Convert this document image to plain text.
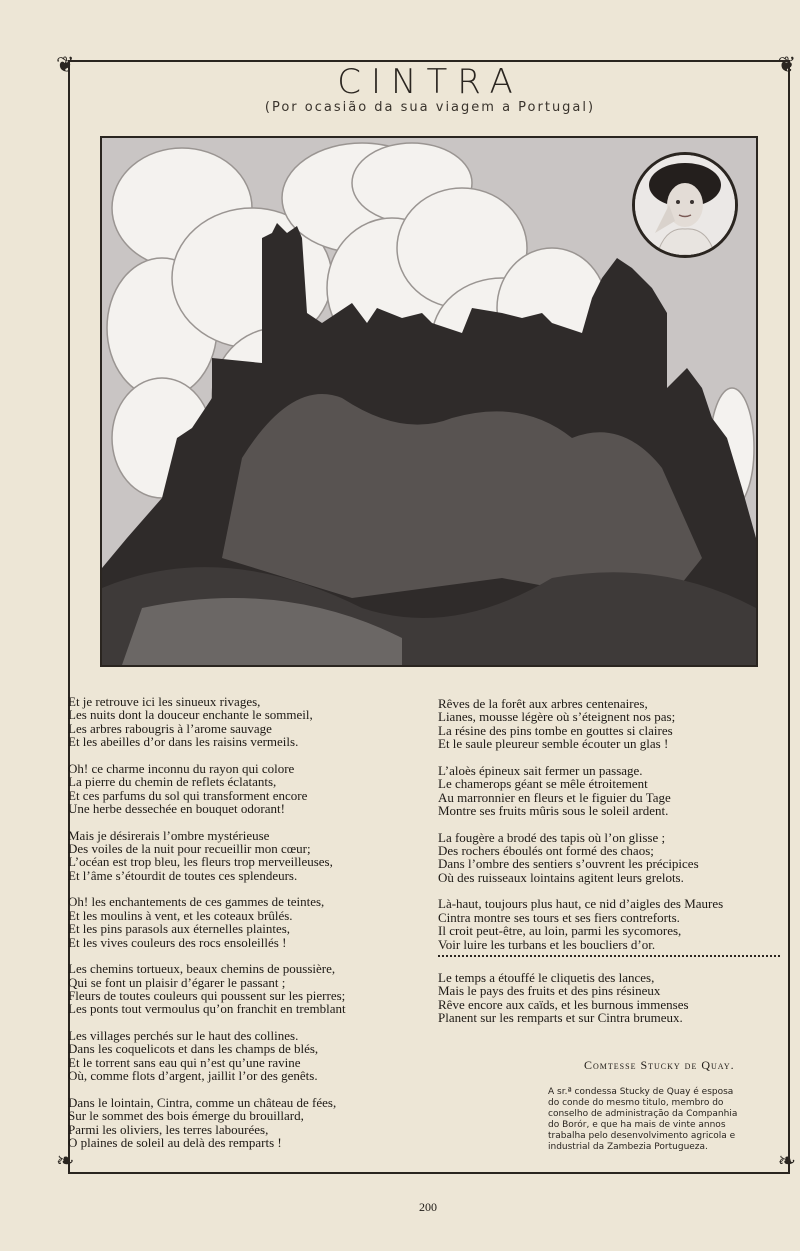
❦	❦
❧	❧
CINTRA
(Por ocasião da sua viagem a Portugal)
Et je retrouve ici les sinueux rivages,
Les nuits dont la douceur enchante le sommeil,
Les arbres rabougris à l’arome sauvage
Et les abeilles d’or dans les raisins vermeils.
Oh! ce charme inconnu du rayon qui colore
La pierre du chemin de reflets éclatants,
Et ces parfums du sol qui transforment encore
Une herbe dessechée en bouquet odorant!
Mais je désirerais l’ombre mystérieuse
Des voiles de la nuit pour recueillir mon cœur;
L’océan est trop bleu, les fleurs trop merveilleuses,
Et l’âme s’étourdit de toutes ces splendeurs.
Oh! les enchantements de ces gammes de teintes,
Et les moulins à vent, et les coteaux brûlés.
Et les pins parasols aux éternelles plaintes,
Et les vives couleurs des rocs ensoleillés !
Les chemins tortueux, beaux chemins de poussière,
Qui se font un plaisir d’égarer le passant ;
Fleurs de toutes couleurs qui poussent sur les pierres;
Les ponts tout vermoulus qu’on franchit en tremblant
Les villages perchés sur le haut des collines.
Dans les coquelicots et dans les champs de blés,
Et le torrent sans eau qui n’est qu’une ravine
Où, comme flots d’argent, jaillit l’or des genêts.
Dans le lointain, Cintra, comme un château de fées,
Sur le sommet des bois émerge du brouillard,
Parmi les oliviers, les terres labourées,
O plaines de soleil au delà des remparts !
Rêves de la forêt aux arbres centenaires,
Lianes, mousse légère où s’éteignent nos pas;
La résine des pins tombe en gouttes si claires
Et le saule pleureur semble écouter un glas !
L’aloès épineux sait fermer un passage.
Le chamerops géant se mêle étroitement
Au marronnier en fleurs et le figuier du Tage
Montre ses fruits mûris sous le soleil ardent.
La fougère a brodé des tapis où l’on glisse ;
Des rochers éboulés ont formé des chaos;
Dans l’ombre des sentiers s’ouvrent les précipices
Où des ruisseaux lointains agitent leurs grelots.
Là-haut, toujours plus haut, ce nid d’aigles des Maures
Cintra montre ses tours et ses fiers contreforts.
Il croit peut-être, au loin, parmi les sycomores,
Voir luire les turbans et les boucliers d’or.
Le temps a étouffé le cliquetis des lances,
Mais le pays des fruits et des pins résineux
Rêve encore aux caïds, et les burnous immenses
Planent sur les remparts et sur Cintra brumeux.
Comtesse Stucky de Quay.
A sr.ª condessa Stucky de Quay é esposa
do conde do mesmo titulo, membro do
conselho de administração da Companhia
do Borór, e que ha mais de vinte annos
trabalha pelo desenvolvimento agricola e
industrial da Zambezia Portugueza.
200
